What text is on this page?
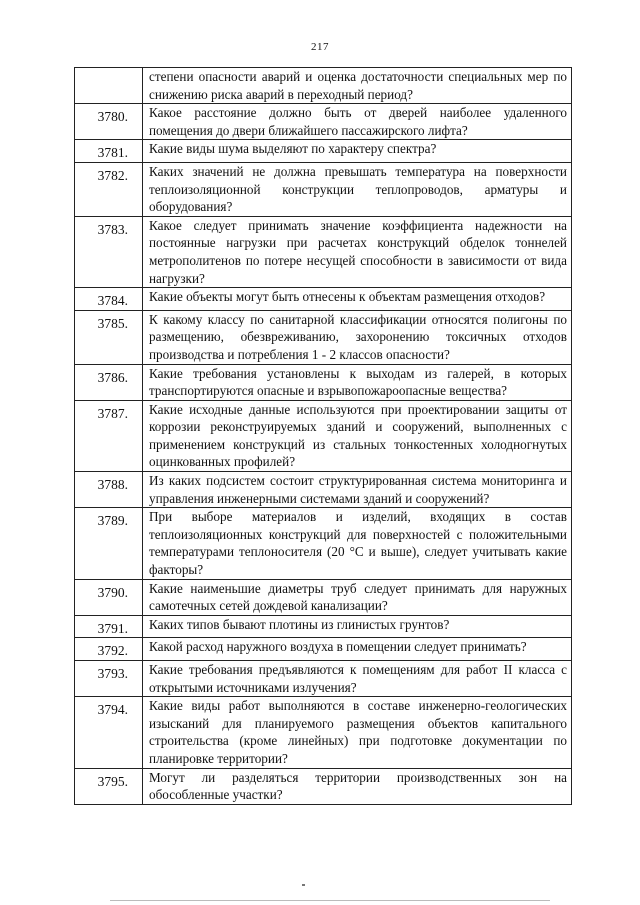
217
	степени опасности аварий и оценка достаточности специальных мер по снижению риска аварий в переходный период?
3780.	Какое расстояние должно быть от дверей наиболее удаленного помещения до двери ближайшего пассажирского лифта?
3781.	Какие виды шума выделяют по характеру спектра?
3782.	Каких значений не должна превышать температура на поверхности теплоизоляционной конструкции теплопроводов, арматуры и оборудования?
3783.	Какое следует принимать значение коэффициента надежности на постоянные нагрузки при расчетах конструкций обделок тоннелей метрополитенов по потере несущей способности в зависимости от вида нагрузки?
3784.	Какие объекты могут быть отнесены к объектам размещения отходов?
3785.	К какому классу по санитарной классификации относятся полигоны по размещению, обезвреживанию, захоронению токсичных отходов производства и потребления 1 - 2 классов опасности?
3786.	Какие требования установлены к выходам из галерей, в которых транспортируются опасные и взрывопожароопасные вещества?
3787.	Какие исходные данные используются при проектировании защиты от коррозии реконструируемых зданий и сооружений, выполненных с применением конструкций из стальных тонкостенных холодногнутых оцинкованных профилей?
3788.	Из каких подсистем состоит структурированная система мониторинга и управления инженерными системами зданий и сооружений?
3789.	При выборе материалов и изделий, входящих в состав теплоизоляционных конструкций для поверхностей с положительными температурами теплоносителя (20 °С и выше), следует учитывать какие факторы?
3790.	Какие наименьшие диаметры труб следует принимать для наружных самотечных сетей дождевой канализации?
3791.	Каких типов бывают плотины из глинистых грунтов?
3792.	Какой расход наружного воздуха в помещении следует принимать?
3793.	Какие требования предъявляются к помещениям для работ II класса с открытыми источниками излучения?
3794.	Какие виды работ выполняются в составе инженерно-геологических изысканий для планируемого размещения объектов капитального строительства (кроме линейных) при подготовке документации по планировке территории?
3795.	Могут ли разделяться территории производственных зон на обособленные участки?
